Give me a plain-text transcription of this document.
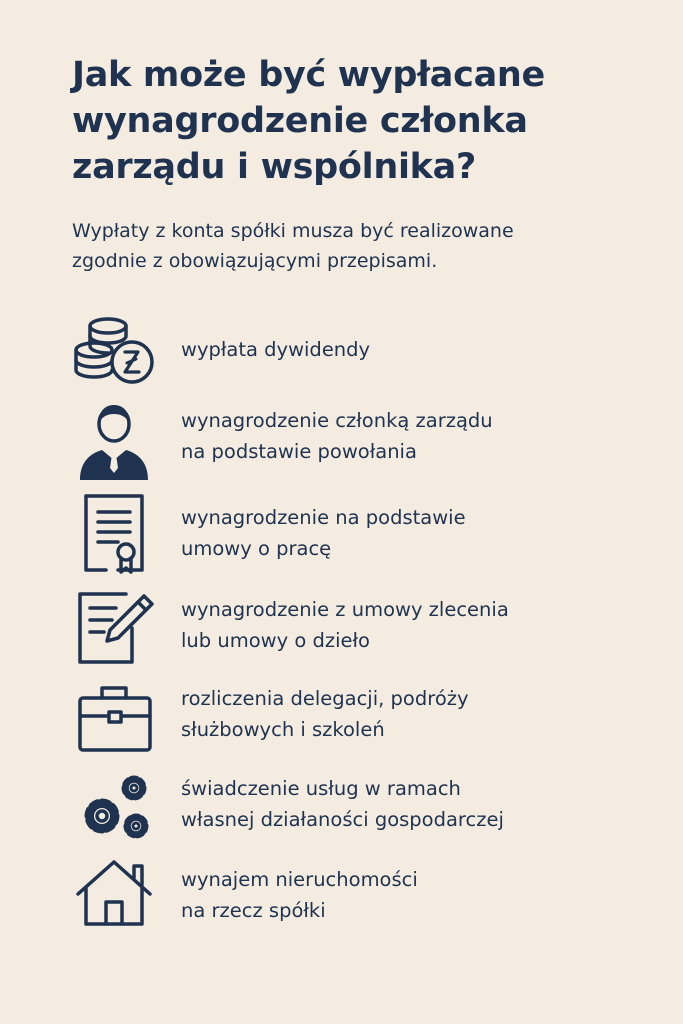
Jak może być wypłacane
wynagrodzenie członka
zarządu i wspólnika?
Wypłaty z konta spółki musza być realizowane
zgodnie z obowiązującymi przepisami.
wypłata dywidendy
wynagrodzenie członką zarządu
na podstawie powołania
wynagrodzenie na podstawie
umowy o pracę
wynagrodzenie z umowy zlecenia
lub umowy o dzieło
rozliczenia delegacji, podróży
służbowych i szkoleń
świadczenie usług w ramach
własnej działaności gospodarczej
wynajem nieruchomości
na rzecz spółki
